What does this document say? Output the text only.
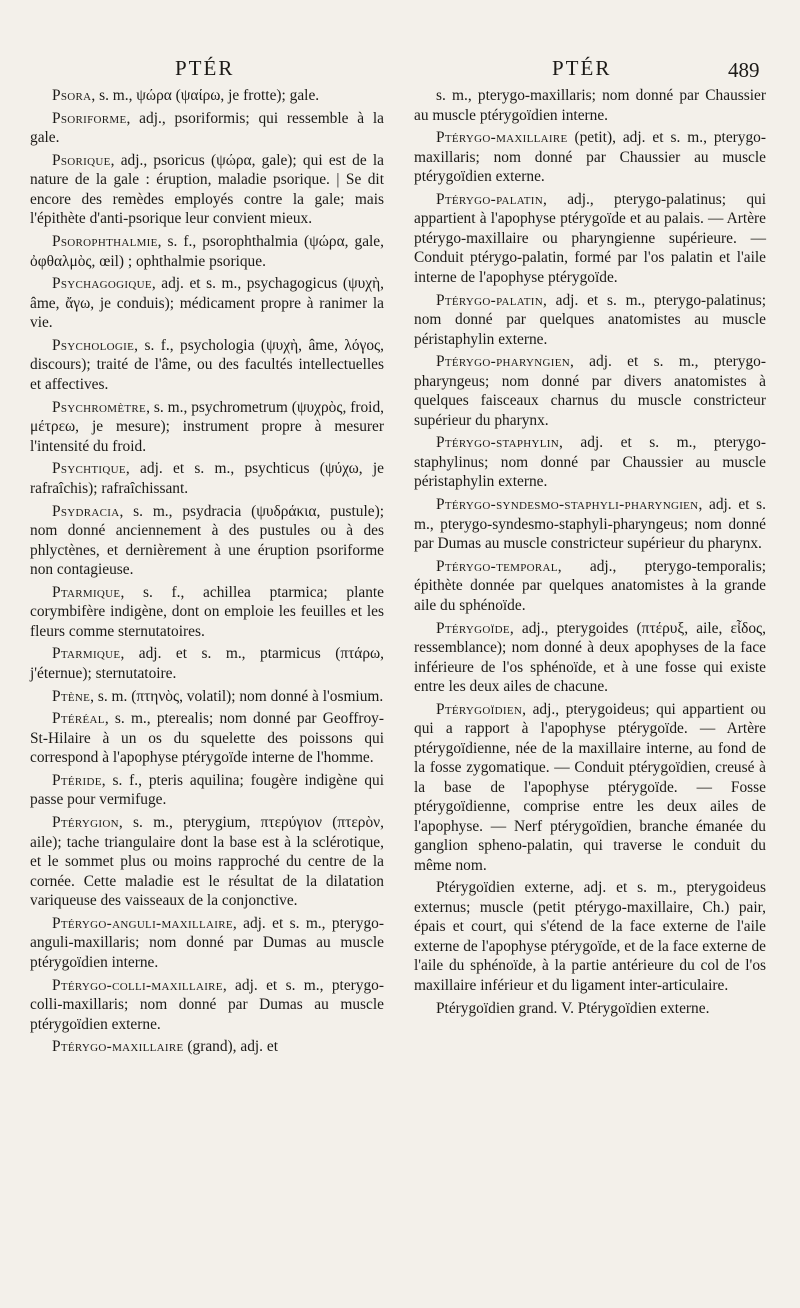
PTÉR	PTÉR	489

Psora, s. m., ψώρα (ψαίρω, je frotte); gale.

Psoriforme, adj., psoriformis; qui ressemble à la gale.

Psorique, adj., psoricus (ψώρα, gale); qui est de la nature de la gale : éruption, maladie psorique. | Se dit encore des remèdes employés contre la gale; mais l'épithète d'anti-psorique leur convient mieux.

Psorophthalmie, s. f., psorophthalmia (ψώρα, gale, ὀφθαλμὸς, œil) ; ophthalmie psorique.

Psychagogique, adj. et s. m., psychagogicus (ψυχὴ, âme, ἄγω, je conduis); médicament propre à ranimer la vie.

Psychologie, s. f., psychologia (ψυχὴ, âme, λόγος, discours); traité de l'âme, ou des facultés intellectuelles et affectives.

Psychromètre, s. m., psychrometrum (ψυχρὸς, froid, μέτρεω, je mesure); instrument propre à mesurer l'intensité du froid.

Psychtique, adj. et s. m., psychticus (ψύχω, je rafraîchis); rafraîchissant.

Psydracia, s. m., psydracia (ψυδράκια, pustule); nom donné anciennement à des pustules ou à des phlyctènes, et dernièrement à une éruption psoriforme non contagieuse.

Ptarmique, s. f., achillea ptarmica; plante corymbifère indigène, dont on emploie les feuilles et les fleurs comme sternutatoires.

Ptarmique, adj. et s. m., ptarmicus (πτάρω, j'éternue); sternutatoire.

Ptène, s. m. (πτηνὸς, volatil); nom donné à l'osmium.

Ptéréal, s. m., pterealis; nom donné par Geoffroy-St-Hilaire à un os du squelette des poissons qui correspond à l'apophyse ptérygoïde interne de l'homme.

Ptéride, s. f., pteris aquilina; fougère indigène qui passe pour vermifuge.

Ptérygion, s. m., pterygium, πτερύγιον (πτερὸν, aile); tache triangulaire dont la base est à la sclérotique, et le sommet plus ou moins rapproché du centre de la cornée. Cette maladie est le résultat de la dilatation variqueuse des vaisseaux de la conjonctive.

Ptérygo-anguli-maxillaire, adj. et s. m., pterygo-anguli-maxillaris; nom donné par Dumas au muscle ptérygoïdien interne.

Ptérygo-colli-maxillaire, adj. et s. m., pterygo-colli-maxillaris; nom donné par Dumas au muscle ptérygoïdien externe.

Ptérygo-maxillaire (grand), adj. et

s. m., pterygo-maxillaris; nom donné par Chaussier au muscle ptérygoïdien interne.

Ptérygo-maxillaire (petit), adj. et s. m., pterygo-maxillaris; nom donné par Chaussier au muscle ptérygoïdien externe.

Ptérygo-palatin, adj., pterygo-palatinus; qui appartient à l'apophyse ptérygoïde et au palais. — Artère ptérygo-maxillaire ou pharyngienne supérieure. — Conduit ptérygo-palatin, formé par l'os palatin et l'aile interne de l'apophyse ptérygoïde.

Ptérygo-palatin, adj. et s. m., pterygo-palatinus; nom donné par quelques anatomistes au muscle péristaphylin externe.

Ptérygo-pharyngien, adj. et s. m., pterygo-pharyngeus; nom donné par divers anatomistes à quelques faisceaux charnus du muscle constricteur supérieur du pharynx.

Ptérygo-staphylin, adj. et s. m., pterygo-staphylinus; nom donné par Chaussier au muscle péristaphylin externe.

Ptérygo-syndesmo-staphyli-pharyngien, adj. et s. m., pterygo-syndesmo-staphyli-pharyngeus; nom donné par Dumas au muscle constricteur supérieur du pharynx.

Ptérygo-temporal, adj., pterygo-temporalis; épithète donnée par quelques anatomistes à la grande aile du sphénoïde.

Ptérygoïde, adj., pterygoides (πτέρυξ, aile, εἶδος, ressemblance); nom donné à deux apophyses de la face inférieure de l'os sphénoïde, et à une fosse qui existe entre les deux ailes de chacune.

Ptérygoïdien, adj., pterygoideus; qui appartient ou qui a rapport à l'apophyse ptérygoïde. — Artère ptérygoïdienne, née de la maxillaire interne, au fond de la fosse zygomatique. — Conduit ptérygoïdien, creusé à la base de l'apophyse ptérygoïde. — Fosse ptérygoïdienne, comprise entre les deux ailes de l'apophyse. — Nerf ptérygoïdien, branche émanée du ganglion spheno-palatin, qui traverse le conduit du même nom.

Ptérygoïdien externe, adj. et s. m., pterygoideus externus; muscle (petit ptérygo-maxillaire, Ch.) pair, épais et court, qui s'étend de la face externe de l'aile externe de l'apophyse ptérygoïde, et de la face externe de l'aile du sphénoïde, à la partie antérieure du col de l'os maxillaire inférieur et du ligament inter-articulaire.

Ptérygoïdien grand. V. Ptérygoïdien externe.
